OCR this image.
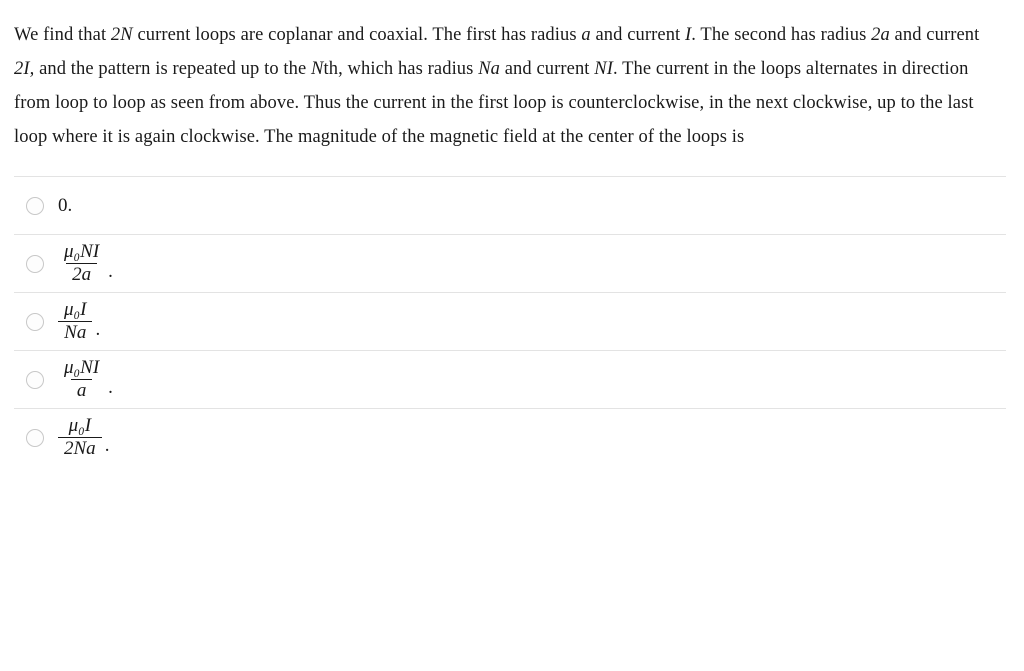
We find that 2N current loops are coplanar and coaxial. The first has radius a and current I. The second has radius 2a and current 2I, and the pattern is repeated up to the Nth, which has radius Na and current NI. The current in the loops alternates in direction from loop to loop as seen from above. Thus the current in the first loop is counterclockwise, in the next clockwise, up to the last loop where it is again clockwise. The magnitude of the magnetic field at the center of the loops is
0.
$\frac{\text{μ₀NI}}{2a}$ .
$\frac{\text{μ₀I}}{Na}$ .
$\frac{\text{μ₀NI}}{a}$ .
$\frac{\text{μ₀I}}{2Na}$ .
